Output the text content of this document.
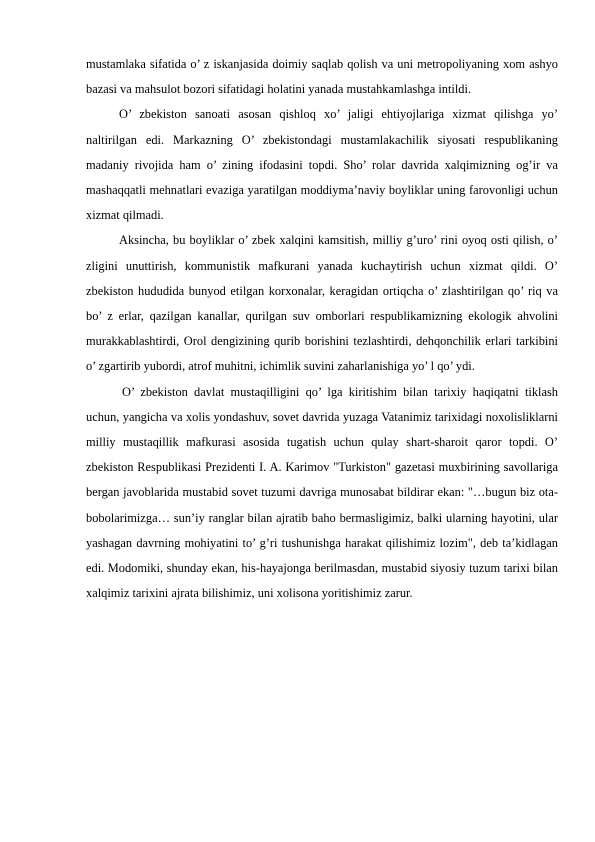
mustamlaka sifatida o’ z iskanjasida doimiy saqlab qolish va uni metropoliyaning xom ashyo bazasi va mahsulot bozori sifatidagi holatini yanada mustahkamlashga intildi.

O’ zbekiston sanoati asosan qishloq xo’ jaligi ehtiyojlariga xizmat qilishga yo’ naltirilgan edi. Markazning O’ zbekistondagi mustamlakachilik siyosati respublikaning madaniy rivojida ham o’ zining ifodasini topdi. Sho’ rolar davrida xalqimizning og’ir va mashaqqatli mehnatlari evaziga yaratilgan moddiyma’naviy boyliklar uning farovonligi uchun xizmat qilmadi.

Aksincha, bu boyliklar o’ zbek xalqini kamsitish, milliy g’uro’ rini oyoq osti qilish, o’ zligini unuttirish, kommunistik mafkurani yanada kuchaytirish uchun xizmat qildi. O’ zbekiston hududida bunyod etilgan korxonalar, keragidan ortiqcha o’ zlashtirilgan qo’ riq va bo’ z erlar, qazilgan kanallar, qurilgan suv omborlari respublikamizning ekologik ahvolini murakkablashtirdi, Orol dengizining qurib borishini tezlashtirdi, dehqonchilik erlari tarkibini o’ zgartirib yubordi, atrof muhitni, ichimlik suvini zaharlanishiga yo’ l qo’ ydi.

O’ zbekiston davlat mustaqilligini qo’ lga kiritishim bilan tarixiy haqiqatni tiklash uchun, yangicha va xolis yondashuv, sovet davrida yuzaga Vatanimiz tarixidagi noxolisliklarni milliy mustaqillik mafkurasi asosida tugatish uchun qulay shart-sharoit qaror topdi. O’ zbekiston Respublikasi Prezidenti I. A. Karimov "Turkiston" gazetasi muxbirining savollariga bergan javoblarida mustabid sovet tuzumi davriga munosabat bildirar ekan: "…bugun biz ota-bobolarimizga… sun’iy ranglar bilan ajratib baho bermasligimiz, balki ularning hayotini, ular yashagan davrning mohiyatini to’ g’ri tushunishga harakat qilishimiz lozim", deb ta’kidlagan edi. Modomiki, shunday ekan, his-hayajonga berilmasdan, mustabid siyosiy tuzum tarixi bilan xalqimiz tarixini ajrata bilishimiz, uni xolisona yoritishimiz zarur.
